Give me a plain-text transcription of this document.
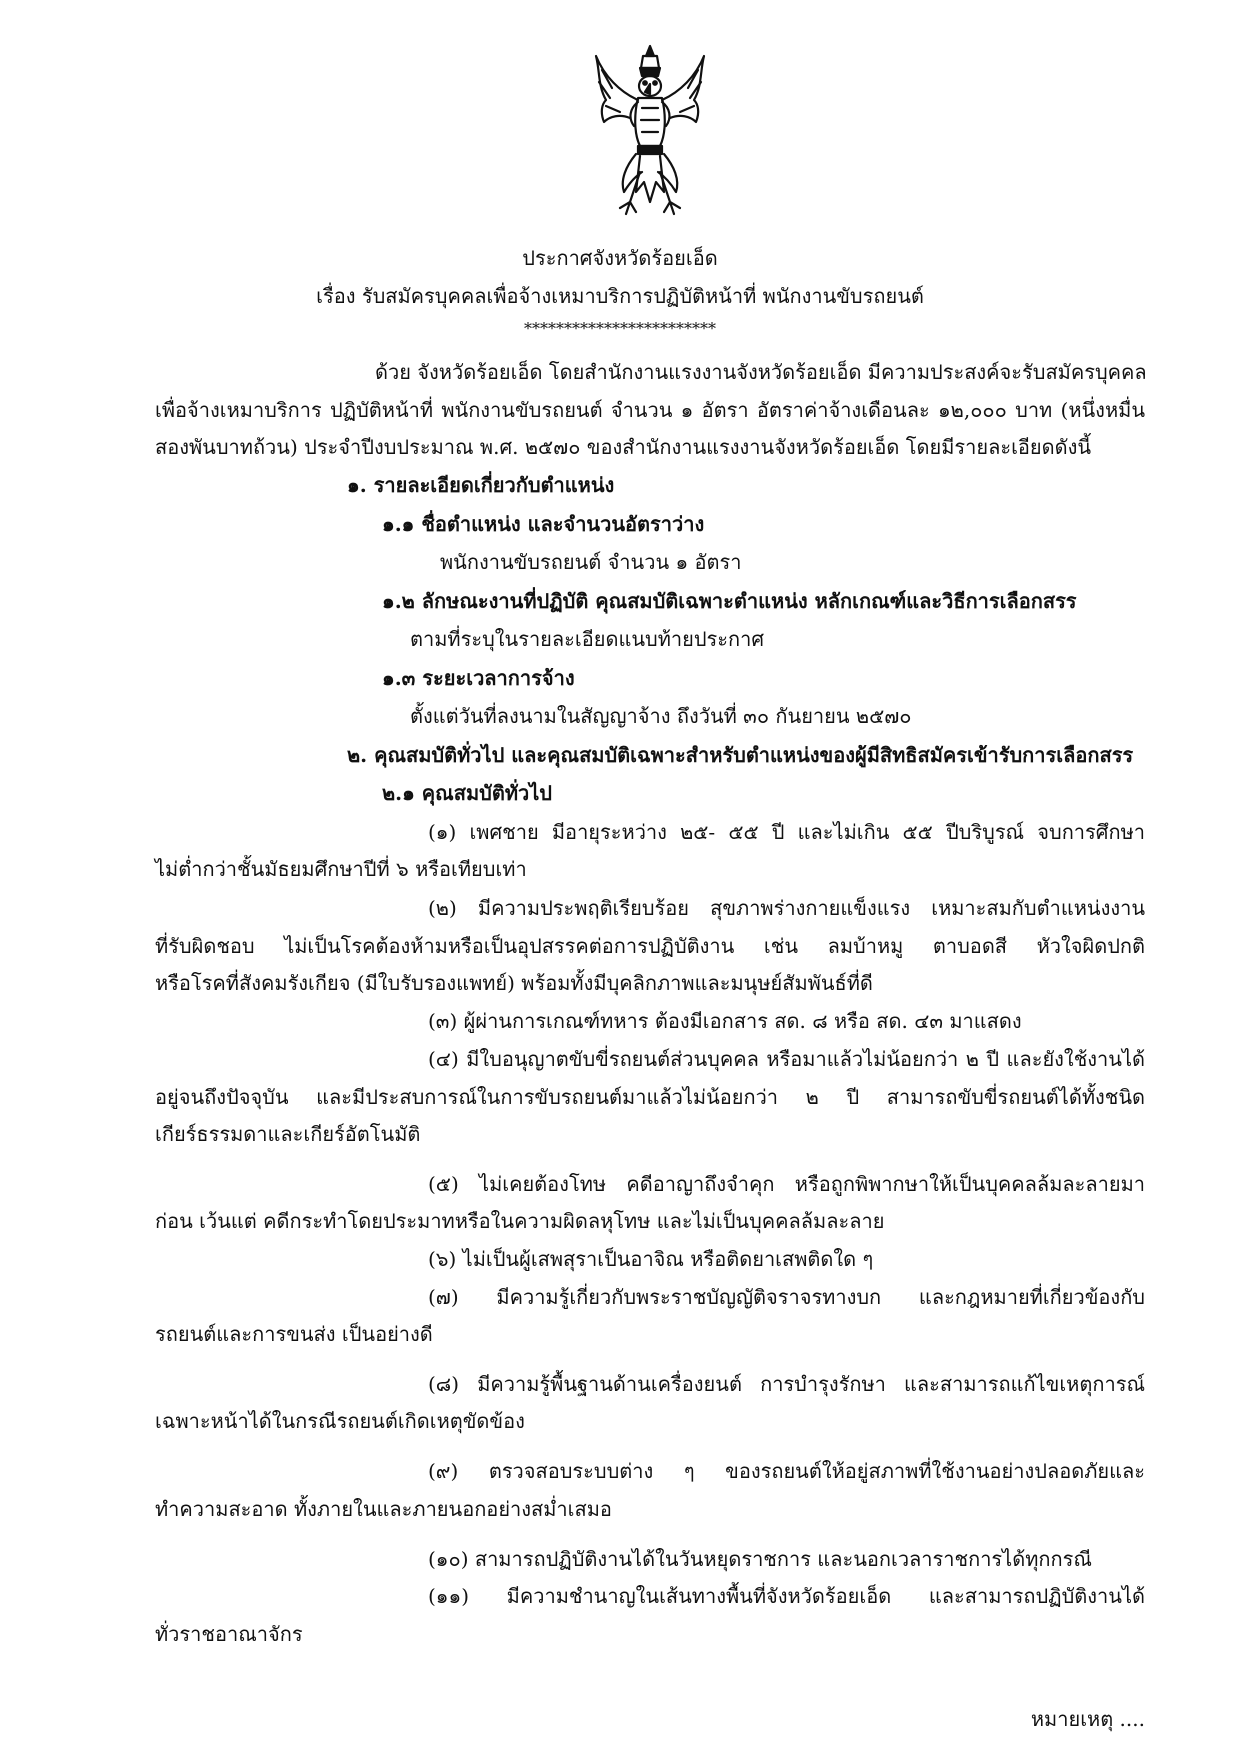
ประกาศจังหวัดร้อยเอ็ด
เรื่อง รับสมัครบุคคลเพื่อจ้างเหมาบริการปฏิบัติหน้าที่ พนักงานขับรถยนต์
************************
ด้วย จังหวัดร้อยเอ็ด โดยสำนักงานแรงงานจังหวัดร้อยเอ็ด มีความประสงค์จะรับสมัครบุคคล
เพื่อจ้างเหมาบริการ ปฏิบัติหน้าที่ พนักงานขับรถยนต์ จำนวน ๑ อัตรา อัตราค่าจ้างเดือนละ ๑๒,๐๐๐ บาท (หนึ่งหมื่น
สองพันบาทถ้วน) ประจำปีงบประมาณ พ.ศ. ๒๕๗๐ ของสำนักงานแรงงานจังหวัดร้อยเอ็ด โดยมีรายละเอียดดังนี้
๑. รายละเอียดเกี่ยวกับตำแหน่ง
๑.๑ ชื่อตำแหน่ง และจำนวนอัตราว่าง
พนักงานขับรถยนต์ จำนวน ๑ อัตรา
๑.๒ ลักษณะงานที่ปฏิบัติ คุณสมบัติเฉพาะตำแหน่ง หลักเกณฑ์และวิธีการเลือกสรร
ตามที่ระบุในรายละเอียดแนบท้ายประกาศ
๑.๓ ระยะเวลาการจ้าง
ตั้งแต่วันที่ลงนามในสัญญาจ้าง ถึงวันที่ ๓๐ กันยายน ๒๕๗๐
๒. คุณสมบัติทั่วไป และคุณสมบัติเฉพาะสำหรับตำแหน่งของผู้มีสิทธิสมัครเข้ารับการเลือกสรร
๒.๑ คุณสมบัติทั่วไป
(๑) เพศชาย มีอายุระหว่าง ๒๕- ๕๕ ปี และไม่เกิน ๕๕ ปีบริบูรณ์ จบการศึกษา
ไม่ต่ำกว่าชั้นมัธยมศึกษาปีที่ ๖ หรือเทียบเท่า
(๒) มีความประพฤติเรียบร้อย สุขภาพร่างกายแข็งแรง เหมาะสมกับตำแหน่งงาน
ที่รับผิดชอบ ไม่เป็นโรคต้องห้ามหรือเป็นอุปสรรคต่อการปฏิบัติงาน เช่น ลมบ้าหมู ตาบอดสี หัวใจผิดปกติ
หรือโรคที่สังคมรังเกียจ (มีใบรับรองแพทย์) พร้อมทั้งมีบุคลิกภาพและมนุษย์สัมพันธ์ที่ดี
(๓) ผู้ผ่านการเกณฑ์ทหาร ต้องมีเอกสาร สด. ๘ หรือ สด. ๔๓ มาแสดง
(๔) มีใบอนุญาตขับขี่รถยนต์ส่วนบุคคล หรือมาแล้วไม่น้อยกว่า ๒ ปี และยังใช้งานได้
อยู่จนถึงปัจจุบัน และมีประสบการณ์ในการขับรถยนต์มาแล้วไม่น้อยกว่า ๒ ปี สามารถขับขี่รถยนต์ได้ทั้งชนิด
เกียร์ธรรมดาและเกียร์อัตโนมัติ
(๕) ไม่เคยต้องโทษ คดีอาญาถึงจำคุก หรือถูกพิพากษาให้เป็นบุคคลล้มละลายมา
ก่อน เว้นแต่ คดีกระทำโดยประมาทหรือในความผิดลหุโทษ และไม่เป็นบุคคลล้มละลาย
(๖) ไม่เป็นผู้เสพสุราเป็นอาจิณ หรือติดยาเสพติดใด ๆ
(๗) มีความรู้เกี่ยวกับพระราชบัญญัติจราจรทางบก และกฎหมายที่เกี่ยวข้องกับ
รถยนต์และการขนส่ง เป็นอย่างดี
(๘) มีความรู้พื้นฐานด้านเครื่องยนต์ การบำรุงรักษา และสามารถแก้ไขเหตุการณ์
เฉพาะหน้าได้ในกรณีรถยนต์เกิดเหตุขัดข้อง
(๙) ตรวจสอบระบบต่าง ๆ ของรถยนต์ให้อยู่สภาพที่ใช้งานอย่างปลอดภัยและ
ทำความสะอาด ทั้งภายในและภายนอกอย่างสม่ำเสมอ
(๑๐) สามารถปฏิบัติงานได้ในวันหยุดราชการ และนอกเวลาราชการได้ทุกกรณี
(๑๑) มีความชำนาญในเส้นทางพื้นที่จังหวัดร้อยเอ็ด และสามารถปฏิบัติงานได้
ทั่วราชอาณาจักร
หมายเหตุ ....
